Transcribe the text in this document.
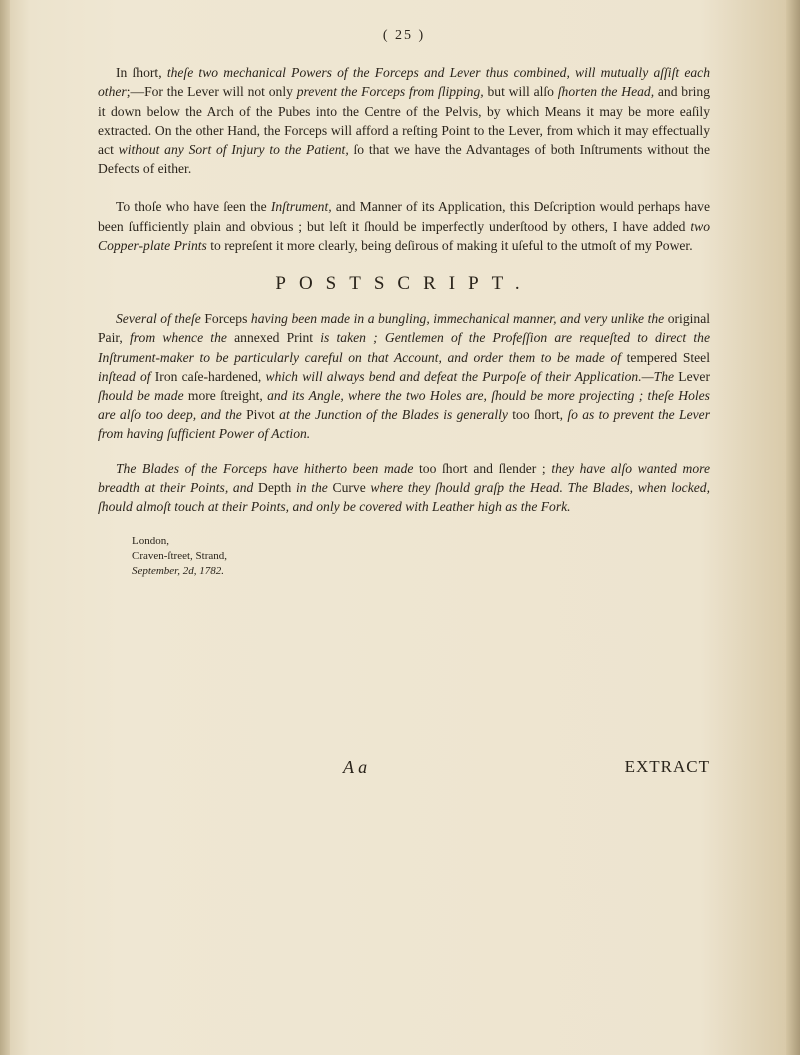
( 25 )

In ſhort, theſe two mechanical Powers of the Forceps and Lever thus combined, will mutually aſſiſt each other;—For the Lever will not only prevent the Forceps from ſlipping, but will alſo ſhorten the Head, and bring it down below the Arch of the Pubes into the Centre of the Pelvis, by which Means it may be more eaſily extracted. On the other Hand, the Forceps will afford a reſting Point to the Lever, from which it may effectually act without any Sort of Injury to the Patient, ſo that we have the Advantages of both Inſtruments without the Defects of either.

To thoſe who have ſeen the Inſtrument, and Manner of its Application, this Deſcription would perhaps have been ſufficiently plain and obvious ; but leſt it ſhould be imperfectly underſtood by others, I have added two Copper-plate Prints to repreſent it more clearly, being deſirous of making it uſeful to the utmoſt of my Power.

POSTSCRIPT.

Several of theſe Forceps having been made in a bungling, immechanical manner, and very unlike the original Pair, from whence the annexed Print is taken ; Gentlemen of the Profeſſion are requeſted to direct the Inſtrument-maker to be particularly careful on that Account, and order them to be made of tempered Steel inſtead of Iron caſe-hardened, which will always bend and defeat the Purpoſe of their Application.—The Lever ſhould be made more ſtreight, and its Angle, where the two Holes are, ſhould be more projecting ; theſe Holes are alſo too deep, and the Pivot at the Junction of the Blades is generally too ſhort, ſo as to prevent the Lever from having ſufficient Power of Action.

The Blades of the Forceps have hitherto been made too ſhort and ſlender ; they have alſo wanted more breadth at their Points, and Depth in the Curve where they ſhould graſp the Head. The Blades, when locked, ſhould almoſt touch at their Points, and only be covered with Leather high as the Fork.

London,
Craven-ſtreet, Strand,
September, 2d, 1782.
A a	EXTRACT
